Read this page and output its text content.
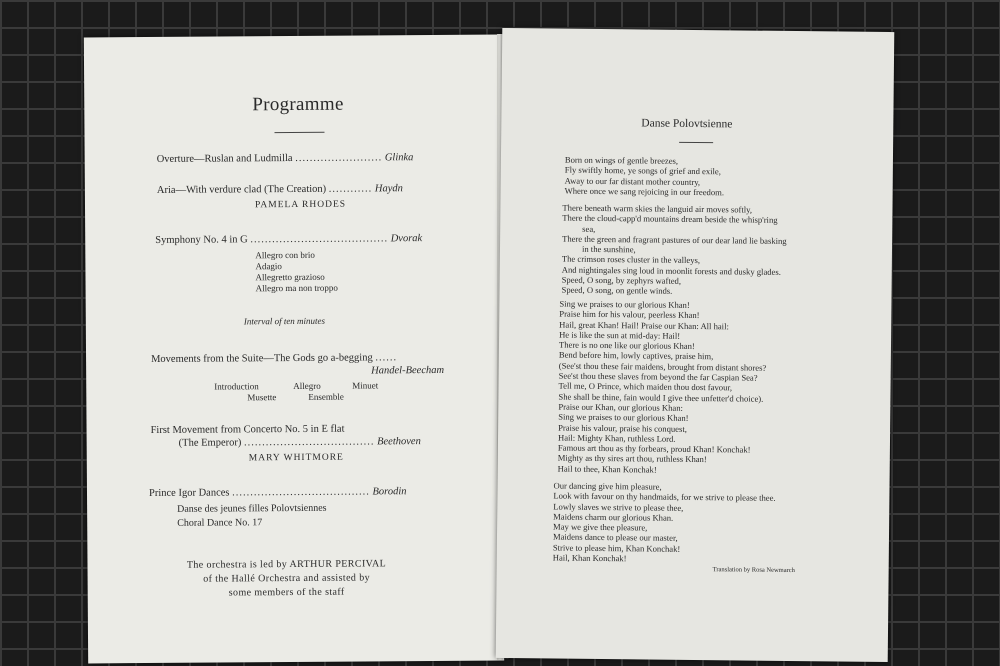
Programme
Overture—Ruslan and Ludmilla ........................ Glinka
Aria—With verdure clad (The Creation) ............ Haydn
PAMELA RHODES
Symphony No. 4 in G ...................................... Dvorak
Allegro con brio
Adagio
Allegretto grazioso
Allegro ma non troppo
Interval of ten minutes
Movements from the Suite—The Gods go a-begging ......
Handel-Beecham
Introduction	Allegro	Minuet
Musette	Ensemble
First Movement from Concerto No. 5 in E flat
(The Emperor) .................................... Beethoven
MARY WHITMORE
Prince Igor Dances ...................................... Borodin
Danse des jeunes filles Polovtsiennes
Choral Dance No. 17
The orchestra is led by ARTHUR PERCIVAL
of the Hallé Orchestra and assisted by
some members of the staff
Danse Polovtsienne
Born on wings of gentle breezes,
Fly swiftly home, ye songs of grief and exile,
Away to our far distant mother country,
Where once we sang rejoicing in our freedom.
There beneath warm skies the languid air moves softly,
There the cloud-capp'd mountains dream beside the whisp'ring
sea,
There the green and fragrant pastures of our dear land lie basking
in the sunshine,
The crimson roses cluster in the valleys,
And nightingales sing loud in moonlit forests and dusky glades.
Speed, O song, by zephyrs wafted,
Speed, O song, on gentle winds.
Sing we praises to our glorious Khan!
Praise him for his valour, peerless Khan!
Hail, great Khan! Hail! Praise our Khan: All hail:
He is like the sun at mid-day: Hail!
There is no one like our glorious Khan!
Bend before him, lowly captives, praise him,
(See'st thou these fair maidens, brought from distant shores?
See'st thou these slaves from beyond the far Caspian Sea?
Tell me, O Prince, which maiden thou dost favour,
She shall be thine, fain would I give thee unfetter'd choice).
Praise our Khan, our glorious Khan:
Sing we praises to our glorious Khan!
Praise his valour, praise his conquest,
Hail: Mighty Khan, ruthless Lord.
Famous art thou as thy forbears, proud Khan! Konchak!
Mighty as thy sires art thou, ruthless Khan!
Hail to thee, Khan Konchak!
Our dancing give him pleasure,
Look with favour on thy handmaids, for we strive to please thee.
Lowly slaves we strive to please thee,
Maidens charm our glorious Khan.
May we give thee pleasure,
Maidens dance to please our master,
Strive to please him, Khan Konchak!
Hail, Khan Konchak!
Translation by Rosa Newmarch
